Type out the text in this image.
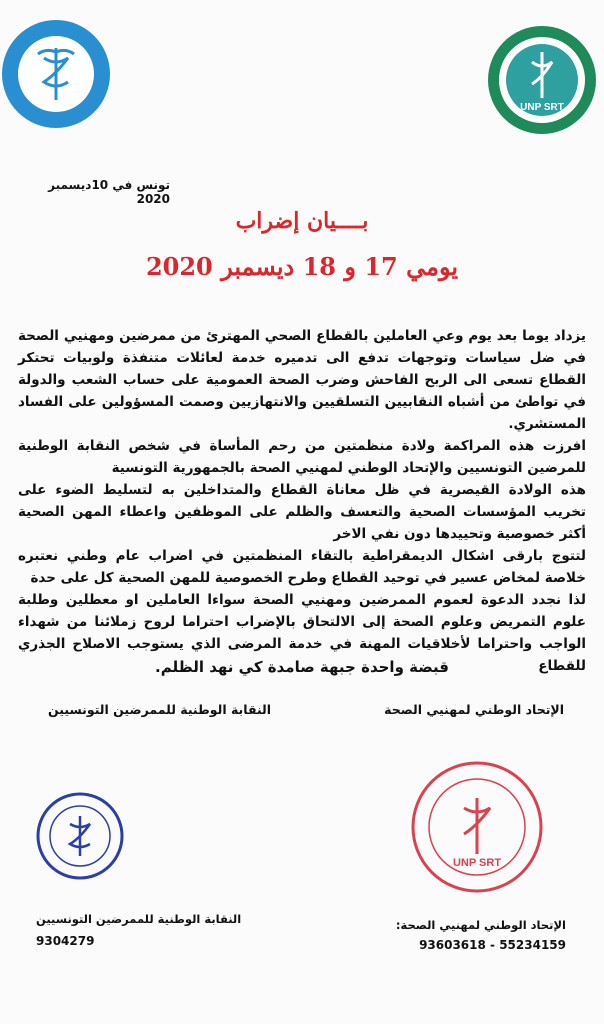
UNP SRT
تونس في 10ديسمبر 2020
بــــيان إضراب
يومي 17 و 18 ديسمبر 2020

يزداد يوما بعد يوم وعي العاملين بالقطاع الصحي المهترئ من ممرضين ومهنيي الصحة في ضل سياسات وتوجهات تدفع الى تدميره خدمة لعائلات متنفذة ولوبيات تحتكر القطاع تسعى الى الربح الفاحش وضرب الصحة العمومية على حساب الشعب والدولة في تواطئ من أشباه النقابيين التسلقيين والانتهازيين وصمت المسؤولين على الفساد المستشري.

افرزت هذه المراكمة ولادة منظمتين من رحم المأساة في شخص النقابة الوطنية للمرضين التونسيين والإتحاد الوطني لمهنيي الصحة بالجمهورية التونسية

هذه الولادة القيصرية في ظل معاناة القطاع والمتداخلين به لتسليط الضوء على تخريب المؤسسات الصحية والتعسف والظلم على الموظفين واعطاء المهن الصحية أكثر خصوصية وتحييدها دون نفي الاخر

لتتوج بارقى اشكال الديمقراطية بالتقاء المنظمتين في اضراب عام وطني نعتبره خلاصة لمخاض عسير في توحيد القطاع وطرح الخصوصية للمهن الصحية كل على حدة

لذا نجدد الدعوة لعموم الممرضين ومهنيي الصحة سواءا العاملين او معطلين وطلبة علوم التمريض وعلوم الصحة إلى الالتحاق بالإضراب احتراما لروح زملائنا من شهداء الواجب واحتراما لأخلاقيات المهنة في خدمة المرضى الذي يستوجب الاصلاح الجذري للقطاع

قبضة واحدة جبهة صامدة كي نهد الظلم.
الإتحاد الوطني لمهنيي الصحة
النقابة الوطنية للممرضين التونسيين
UNP SRT
النقابة الوطنية للممرضين التونسيين
9304279
الإتحاد الوطني لمهنيي الصحة:
93603618 - 55234159
